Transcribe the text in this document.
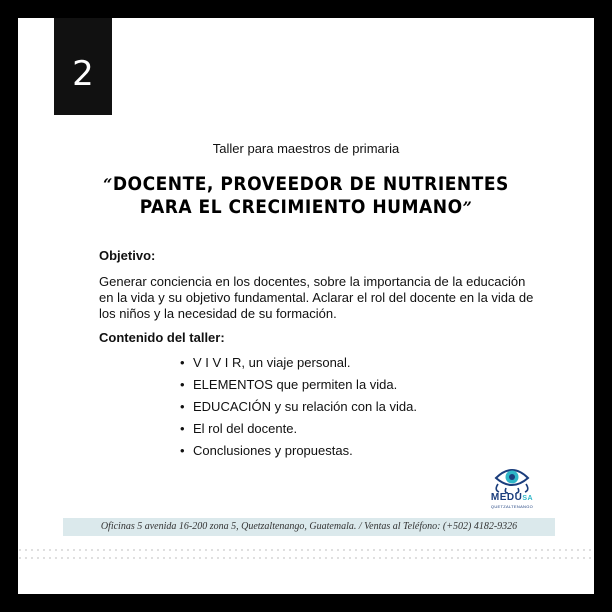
2
Taller para maestros de primaria
“DOCENTE, PROVEEDOR DE NUTRIENTES
PARA EL CRECIMIENTO HUMANO”
Objetivo:
Generar conciencia en los docentes, sobre la importancia de la educación en la vida y su objetivo fundamental. Aclarar el rol del docente en la vida de los niños y la necesidad de su formación.
Contenido del taller:
• V I V I R, un viaje personal.
• ELEMENTOS que permiten la vida.
• EDUCACIÓN y su relación con la vida.
• El rol del docente.
• Conclusiones y propuestas.
MEDUSA
QUETZALTENANGO
Oficinas 5 avenida 16-200 zona 5, Quetzaltenango, Guatemala. / Ventas al Teléfono: (+502) 4182-9326
